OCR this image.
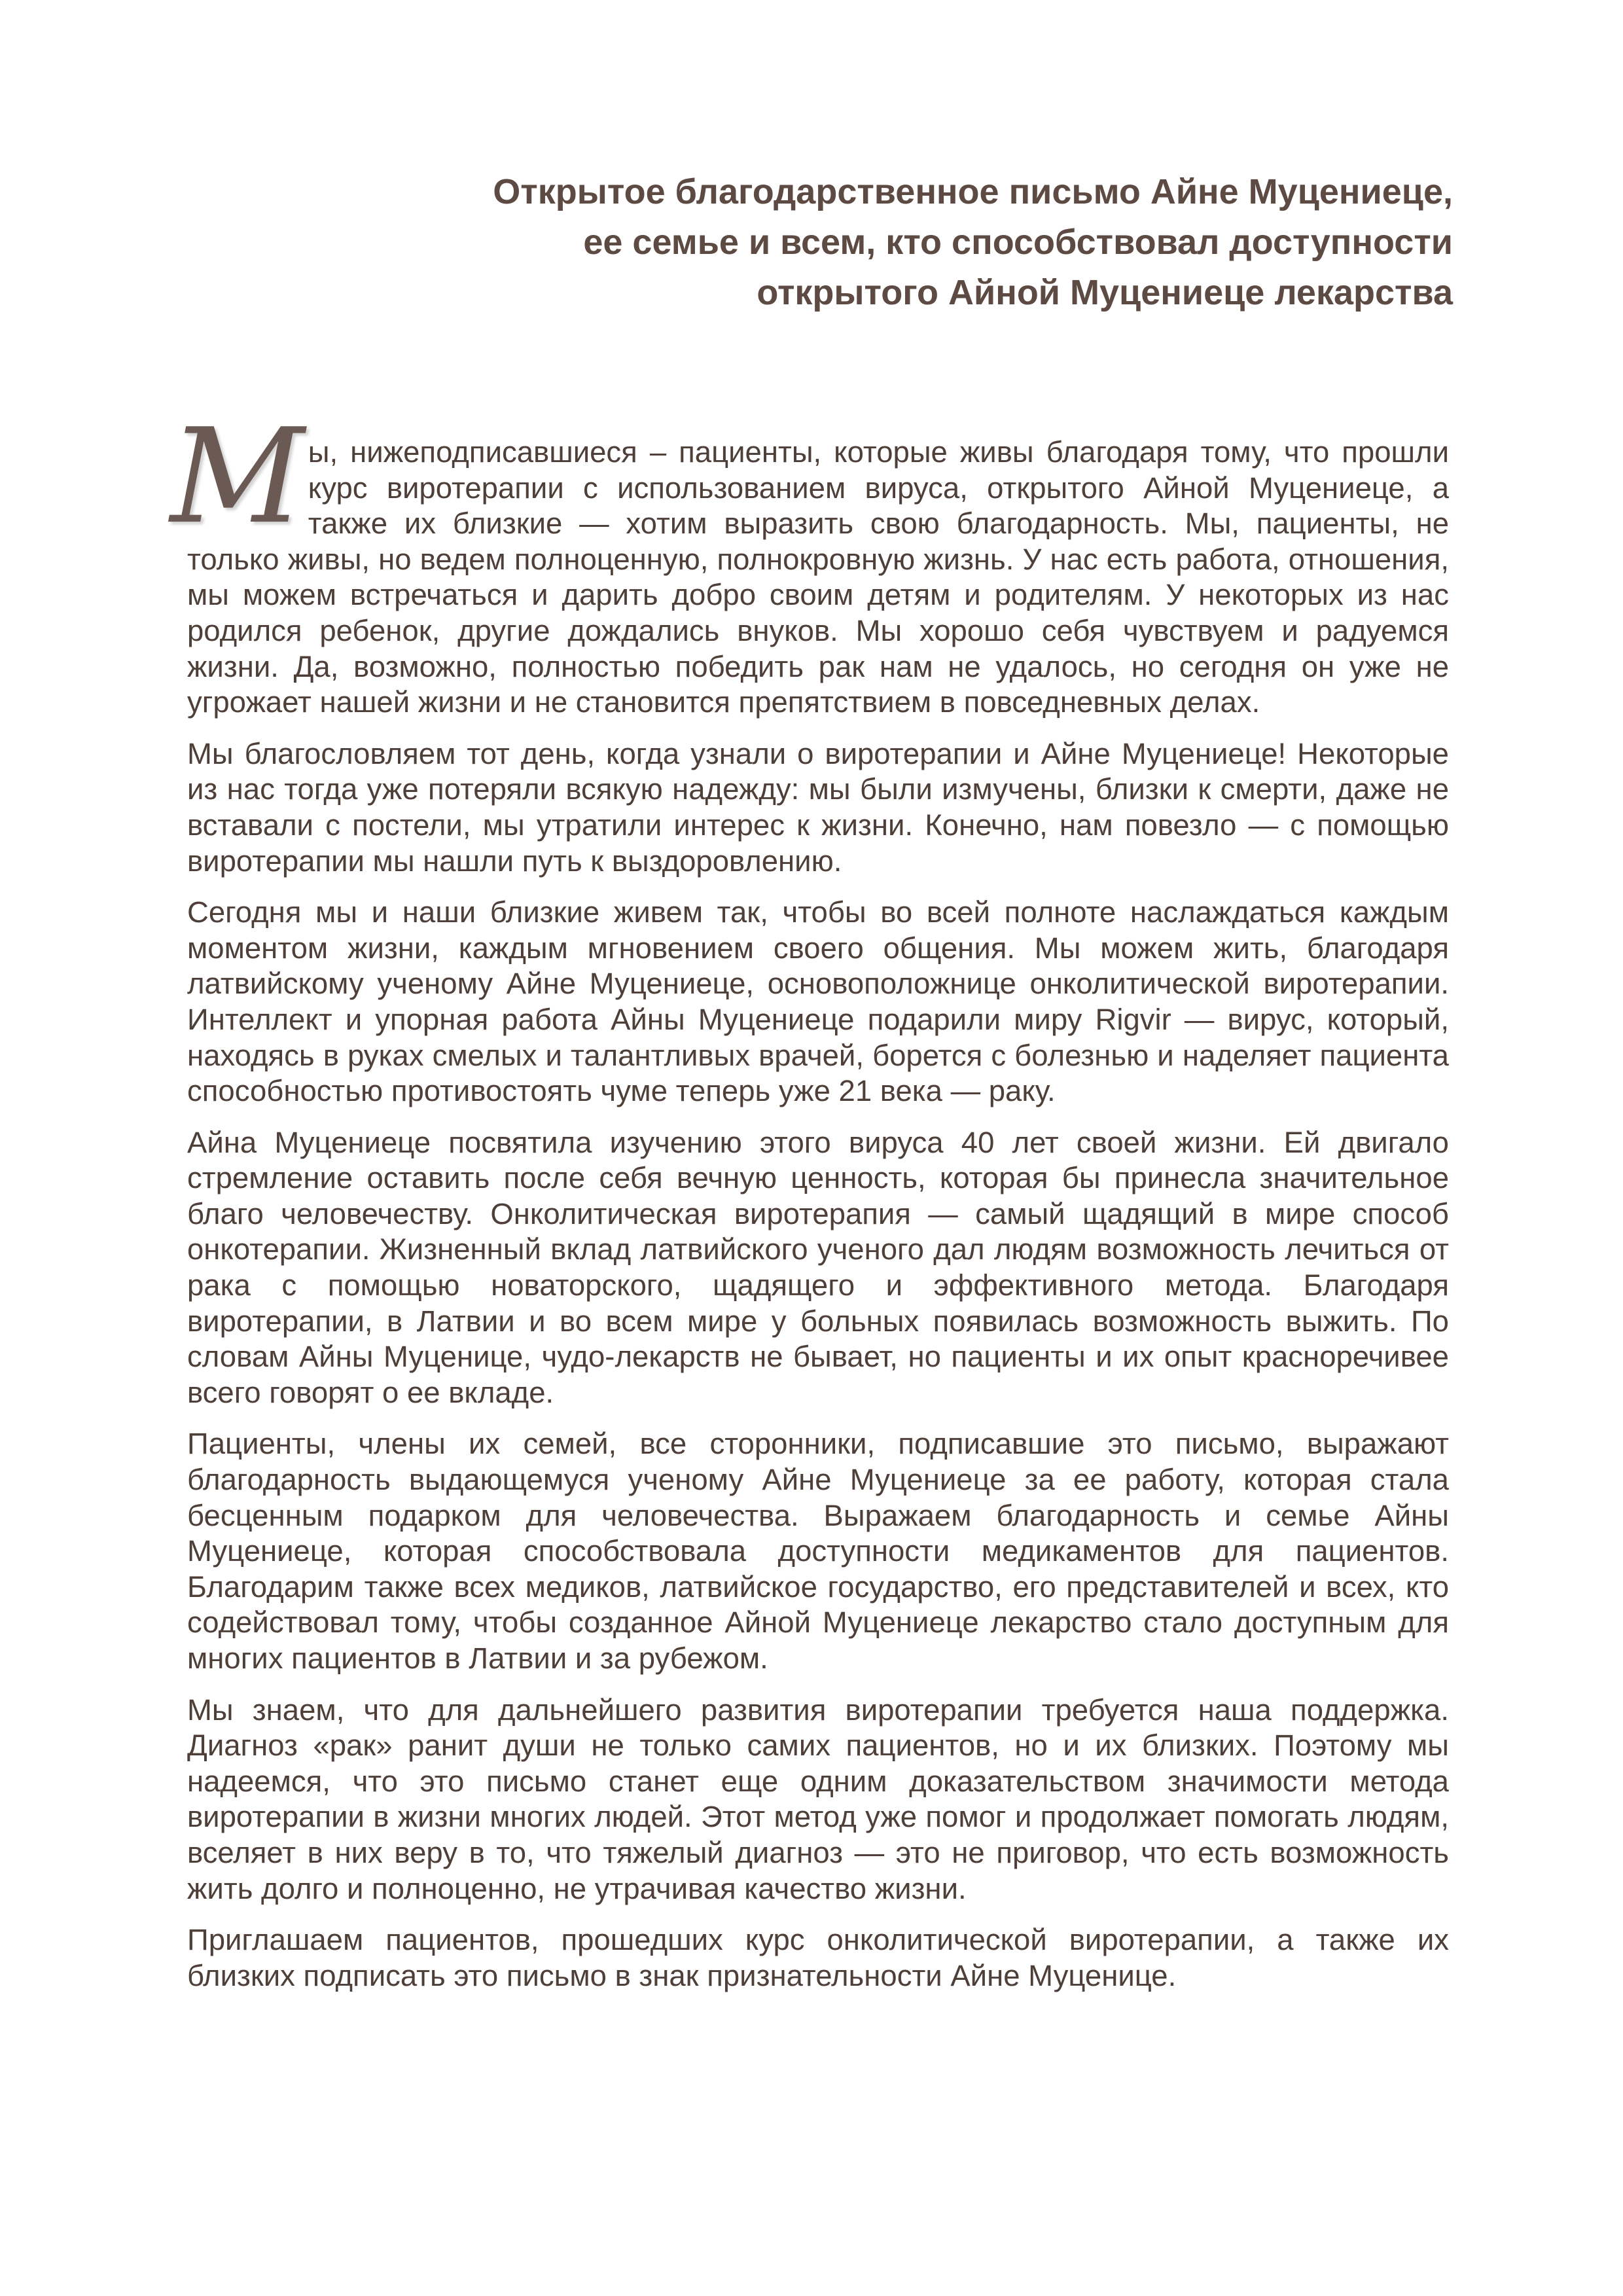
Открытое благодарственное письмо Айне Муцениеце,
ее семье и всем, кто способствовал доступности
открытого Айной Муцениеце лекарства

Мы, нижеподписавшиеся – пациенты, которые живы благодаря тому, что прошли курс виротерапии с использованием вируса, открытого Айной Муцениеце, а также их близкие — хотим выразить свою благодарность. Мы, пациенты, не только живы, но ведем полноценную, полнокровную жизнь. У нас есть работа, отношения, мы можем встречаться и дарить добро своим детям и родителям. У некоторых из нас родился ребенок, другие дождались внуков. Мы хорошо себя чувствуем и радуемся жизни. Да, возможно, полностью победить рак нам не удалось, но сегодня он уже не угрожает нашей жизни и не становится препятствием в повседневных делах.

Мы благословляем тот день, когда узнали о виротерапии и Айне Муцениеце! Некоторые из нас тогда уже потеряли всякую надежду: мы были измучены, близки к смерти, даже не вставали с постели, мы утратили интерес к жизни. Конечно, нам повезло — с помощью виротерапии мы нашли путь к выздоровлению.

Сегодня мы и наши близкие живем так, чтобы во всей полноте наслаждаться каждым моментом жизни, каждым мгновением своего общения. Мы можем жить, благодаря латвийскому ученому Айне Муцениеце, основоположнице онколитической виротерапии. Интеллект и упорная работа Айны Муцениеце подарили миру Rigvir — вирус, который, находясь в руках смелых и талантливых врачей, борется с болезнью и наделяет пациента способностью противостоять чуме теперь уже 21 века — раку.

Айна Муцениеце посвятила изучению этого вируса 40 лет своей жизни. Ей двигало стремление оставить после себя вечную ценность, которая бы принесла значительное благо человечеству. Онколитическая виротерапия — самый щадящий в мире способ онкотерапии. Жизненный вклад латвийского ученого дал людям возможность лечиться от рака с помощью новаторского, щадящего и эффективного метода. Благодаря виротерапии, в Латвии и во всем мире у больных появилась возможность выжить. По словам Айны Муценице, чудо-лекарств не бывает, но пациенты и их опыт красноречивее всего говорят о ее вкладе.

Пациенты, члены их семей, все сторонники, подписавшие это письмо, выражают благодарность выдающемуся ученому Айне Муцениеце за ее работу, которая стала бесценным подарком для человечества. Выражаем благодарность и семье Айны Муцениеце, которая способствовала доступности медикаментов для пациентов. Благодарим также всех медиков, латвийское государство, его представителей и всех, кто содействовал тому, чтобы созданное Айной Муцениеце лекарство стало доступным для многих пациентов в Латвии и за рубежом.

Мы знаем, что для дальнейшего развития виротерапии требуется наша поддержка. Диагноз «рак» ранит души не только самих пациентов, но и их близких. Поэтому мы надеемся, что это письмо станет еще одним доказательством значимости метода виротерапии в жизни многих людей. Этот метод уже помог и продолжает помогать людям, вселяет в них веру в то, что тяжелый диагноз — это не приговор, что есть возможность жить долго и полноценно, не утрачивая качество жизни.

Приглашаем пациентов, прошедших курс онколитической виротерапии, а также их близких подписать это письмо в знак признательности Айне Муценице.
